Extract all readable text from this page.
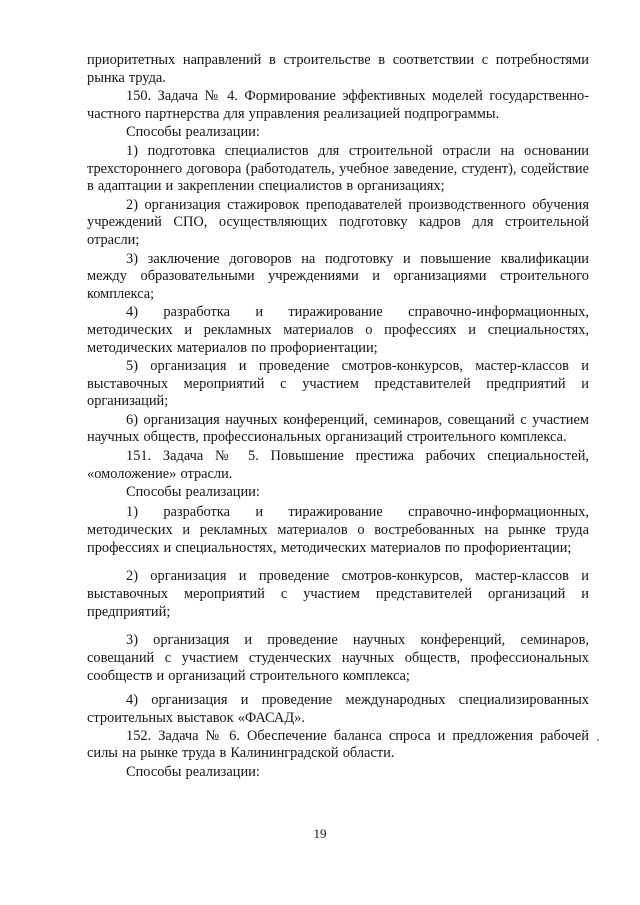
приоритетных направлений в строительстве в соответствии с потребностями рынка труда.

150. Задача № 4. Формирование эффективных моделей государственно-частного партнерства для управления реализацией подпрограммы.

Способы реализации:

1) подготовка специалистов для строительной отрасли на основании трехстороннего договора (работодатель, учебное заведение, студент), содействие в адаптации и закреплении специалистов в организациях;

2) организация стажировок преподавателей производственного обучения учреждений СПО, осуществляющих подготовку кадров для строительной отрасли;

3) заключение договоров на подготовку и повышение квалификации между образовательными учреждениями и организациями строительного комплекса;

4) разработка и тиражирование справочно-информационных, методических и рекламных материалов о профессиях и специальностях, методических материалов по профориентации;

5) организация и проведение смотров-конкурсов, мастер-классов и выставочных мероприятий с участием представителей предприятий и организаций;

6) организация научных конференций, семинаров, совещаний с участием научных обществ, профессиональных организаций строительного комплекса.

151. Задача № 5. Повышение престижа рабочих специальностей, «омоложение» отрасли.

Способы реализации:

1) разработка и тиражирование справочно-информационных, методических и рекламных материалов о востребованных на рынке труда профессиях и специальностях, методических материалов по профориентации;

2) организация и проведение смотров-конкурсов, мастер-классов и выставочных мероприятий с участием представителей организаций и предприятий;

3) организация и проведение научных конференций, семинаров, совещаний с участием студенческих научных обществ, профессиональных сообществ и организаций строительного комплекса;

4) организация и проведение международных специализированных строительных выставок «ФАСАД».

152. Задача № 6. Обеспечение баланса спроса и предложения рабочей силы на рынке труда в Калининградской области.

Способы реализации:

19
